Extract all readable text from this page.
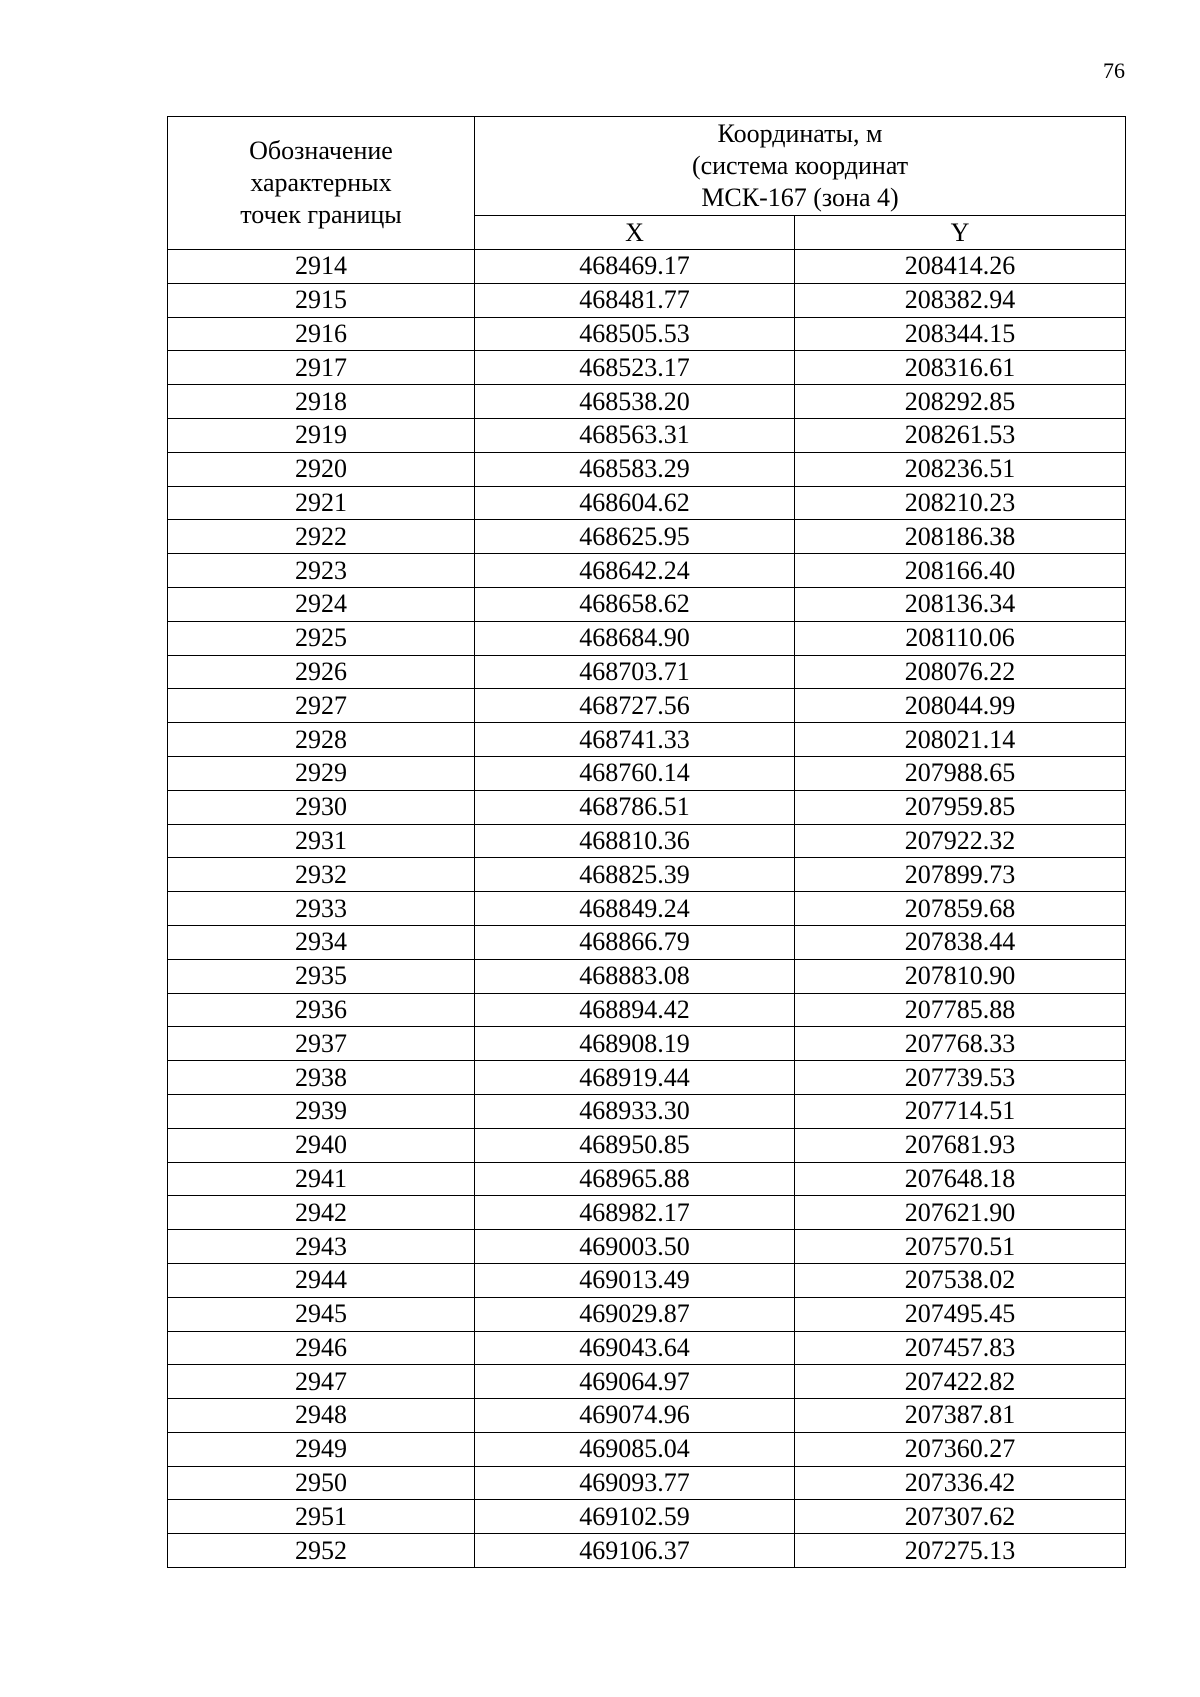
76
Обозначение
характерных
точек границы	Координаты, м
(система координат
МСК-167 (зона 4)	

	X	Y
2914	468469.17	208414.26
2915	468481.77	208382.94
2916	468505.53	208344.15
2917	468523.17	208316.61
2918	468538.20	208292.85
2919	468563.31	208261.53
2920	468583.29	208236.51
2921	468604.62	208210.23
2922	468625.95	208186.38
2923	468642.24	208166.40
2924	468658.62	208136.34
2925	468684.90	208110.06
2926	468703.71	208076.22
2927	468727.56	208044.99
2928	468741.33	208021.14
2929	468760.14	207988.65
2930	468786.51	207959.85
2931	468810.36	207922.32
2932	468825.39	207899.73
2933	468849.24	207859.68
2934	468866.79	207838.44
2935	468883.08	207810.90
2936	468894.42	207785.88
2937	468908.19	207768.33
2938	468919.44	207739.53
2939	468933.30	207714.51
2940	468950.85	207681.93
2941	468965.88	207648.18
2942	468982.17	207621.90
2943	469003.50	207570.51
2944	469013.49	207538.02
2945	469029.87	207495.45
2946	469043.64	207457.83
2947	469064.97	207422.82
2948	469074.96	207387.81
2949	469085.04	207360.27
2950	469093.77	207336.42
2951	469102.59	207307.62
2952	469106.37	207275.13
